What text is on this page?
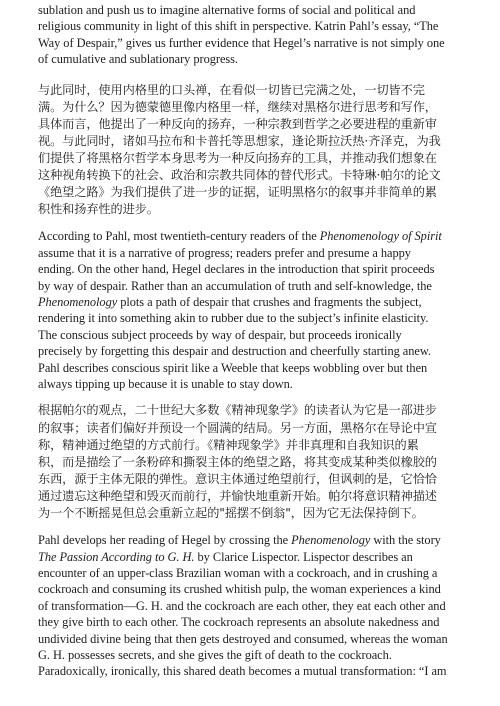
sublation and push us to imagine alternative forms of social and political and
religious community in light of this shift in perspective. Katrin Pahl’s essay, “The
Way of Despair,” gives us further evidence that Hegel’s narrative is not simply one
of cumulative and sublationary progress.

与此同时，使用内格里的口头禅，在看似一切皆已完满之处，一切皆不完
满。为什么？因为德蒙德里像内格里一样，继续对黑格尔进行思考和写作，
具体而言，他提出了一种反向的扬弃，一种宗教到哲学之必要进程的重新审
视。与此同时，诸如马拉布和卡普托等思想家，逢论斯拉沃热·齐泽克，为我
们提供了将黑格尔哲学本身思考为一种反向扬弃的工具，并推动我们想象在
这种视角转换下的社会、政治和宗教共同体的替代形式。卡特琳·帕尔的论文
《绝望之路》为我们提供了进一步的证据，证明黑格尔的叙事并非简单的累
积性和扬弃性的进步。

According to Pahl, most twentieth-century readers of the Phenomenology of Spirit
assume that it is a narrative of progress; readers prefer and presume a happy
ending. On the other hand, Hegel declares in the introduction that spirit proceeds
by way of despair. Rather than an accumulation of truth and self-knowledge, the
Phenomenology plots a path of despair that crushes and fragments the subject,
rendering it into something akin to rubber due to the subject’s infinite elasticity.
The conscious subject proceeds by way of despair, but proceeds ironically
precisely by forgetting this despair and destruction and cheerfully starting anew.
Pahl describes conscious spirit like a Weeble that keeps wobbling over but then
always tipping up because it is unable to stay down.

根据帕尔的观点，二十世纪大多数《精神现象学》的读者认为它是一部进步
的叙事；读者们偏好并预设一个圆满的结局。另一方面，黑格尔在导论中宣
称，精神通过绝望的方式前行。《精神现象学》并非真理和自我知识的累
积，而是描绘了一条粉碎和撕裂主体的绝望之路，将其变成某种类似橡胶的
东西，源于主体无限的弹性。意识主体通过绝望前行，但讽刺的是，它恰恰
通过遗忘这种绝望和毁灭而前行，并愉快地重新开始。帕尔将意识精神描述
为一个不断摇晃但总会重新立起的"摇摆不倒翁"，因为它无法保持倒下。

Pahl develops her reading of Hegel by crossing the Phenomenology with the story
The Passion According to G. H. by Clarice Lispector. Lispector describes an
encounter of an upper-class Brazilian woman with a cockroach, and in crushing a
cockroach and consuming its crushed whitish pulp, the woman experiences a kind
of transformation—G. H. and the cockroach are each other, they eat each other and
they give birth to each other. The cockroach represents an absolute nakedness and
undivided divine being that then gets destroyed and consumed, whereas the woman
G. H. possesses secrets, and she gives the gift of death to the cockroach.
Paradoxically, ironically, this shared death becomes a mutual transformation: “I am
